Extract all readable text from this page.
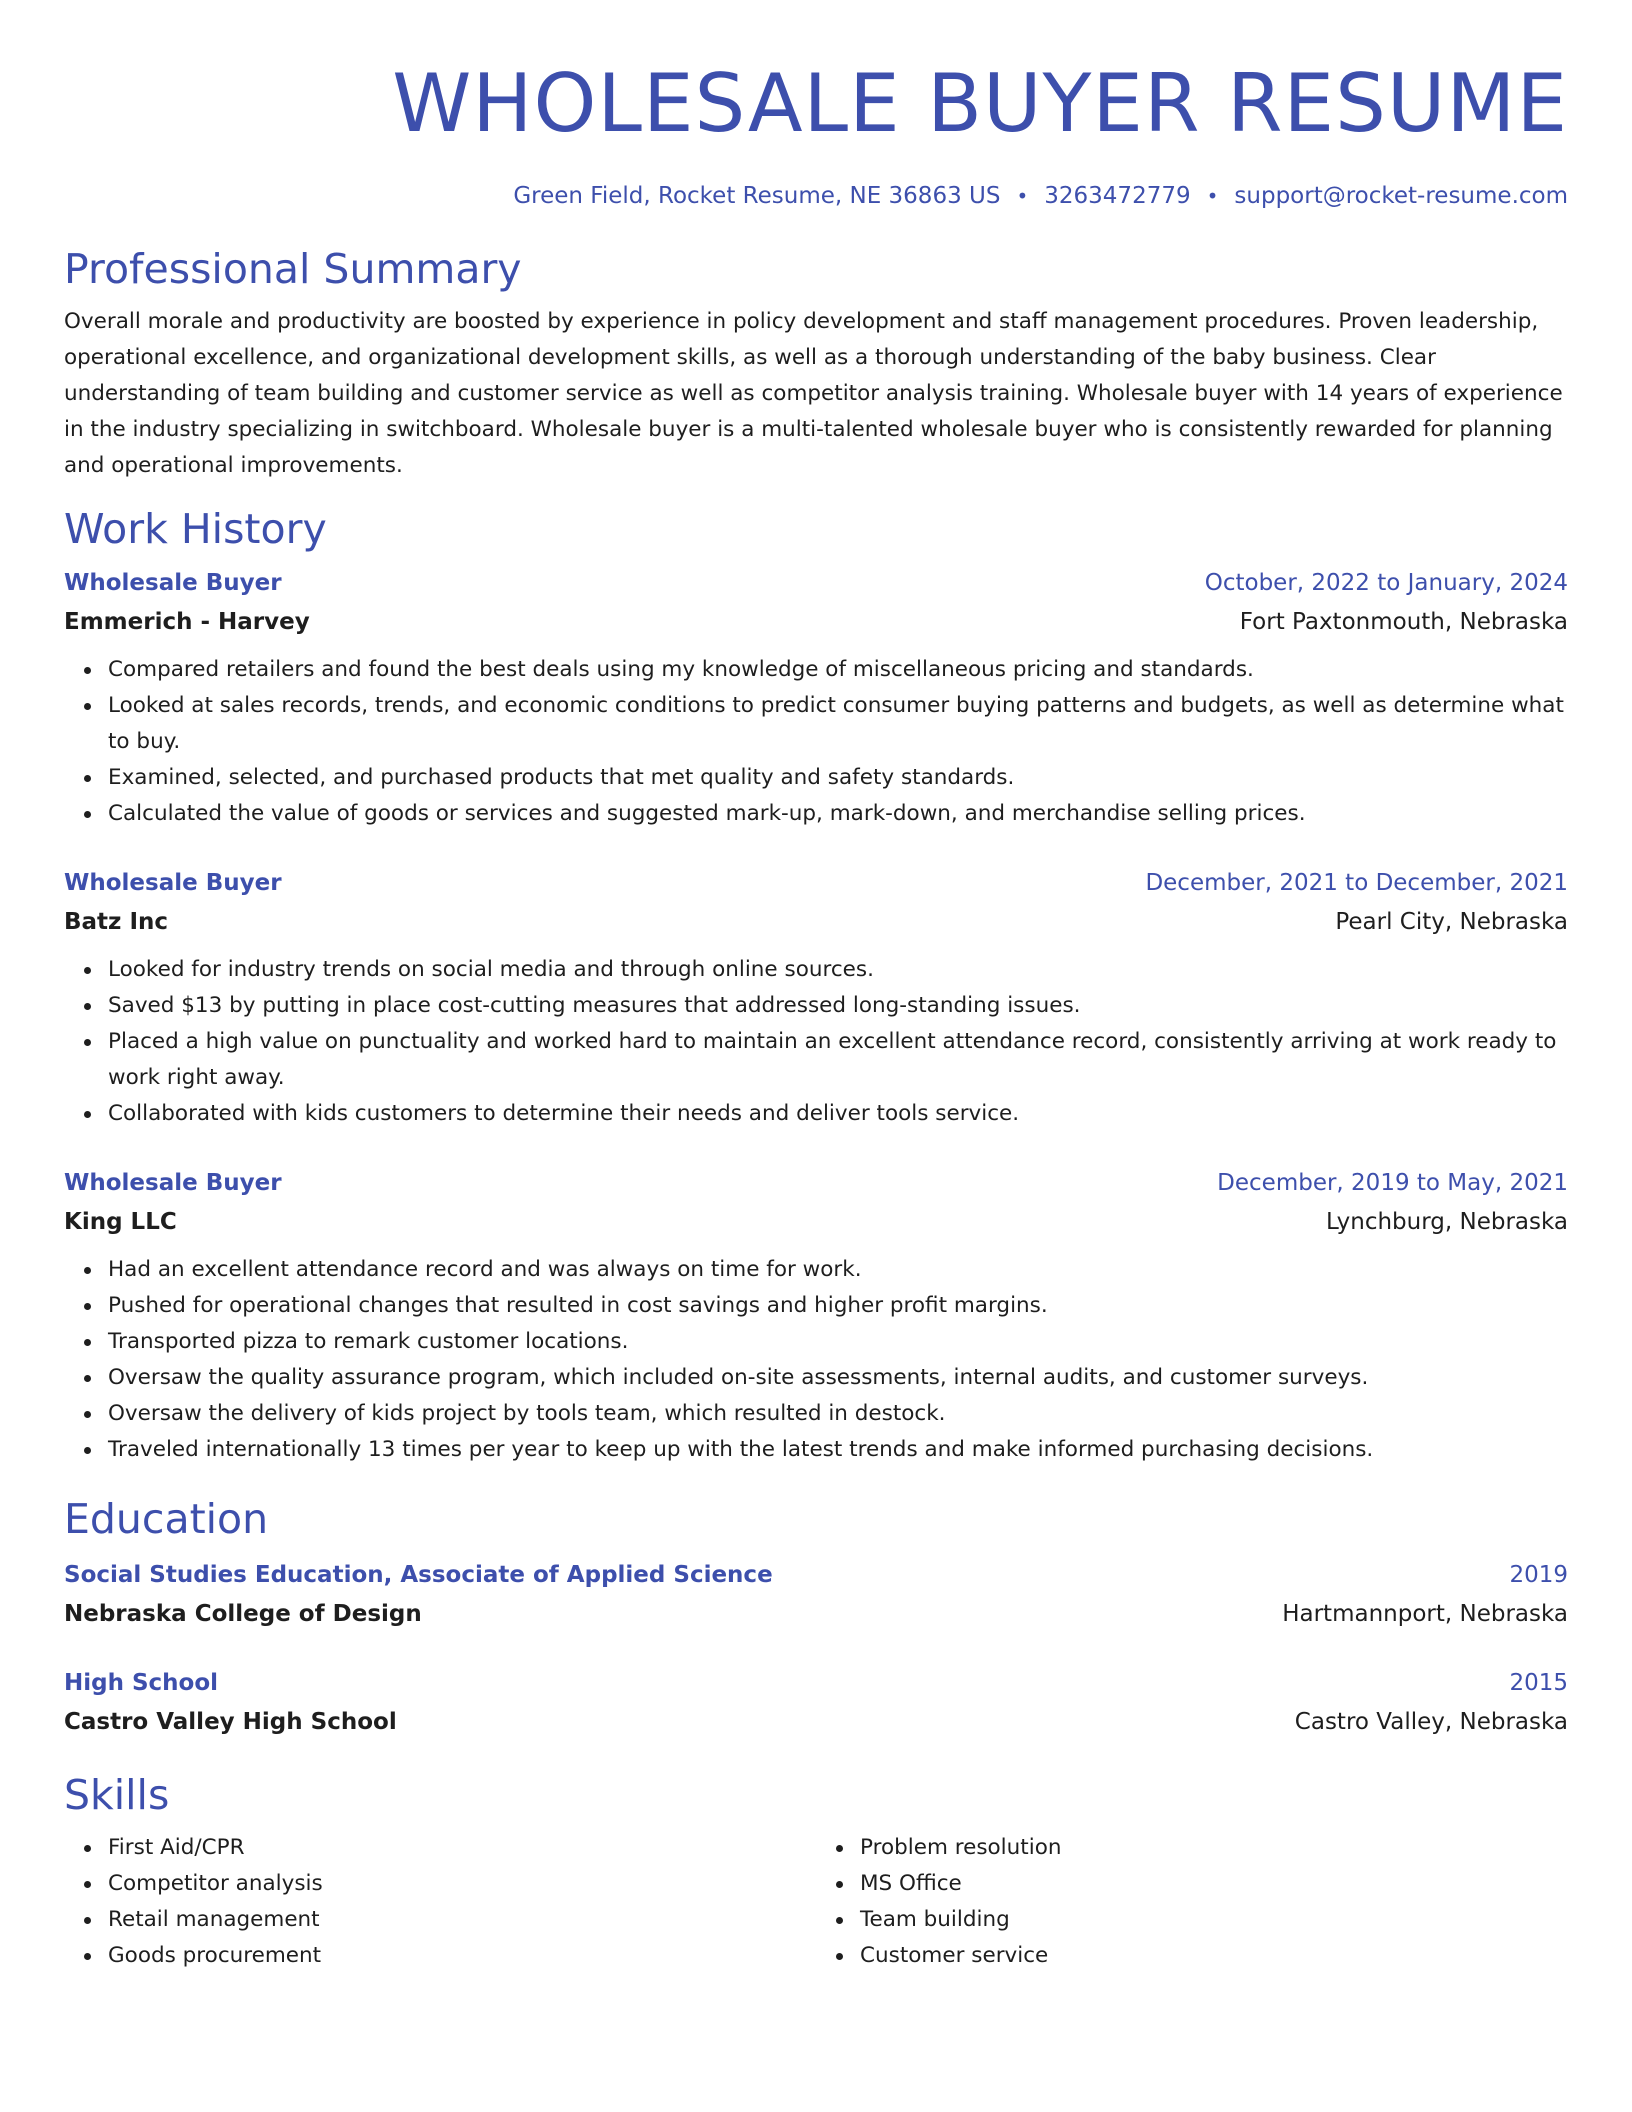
WHOLESALE BUYER RESUME
Green Field, Rocket Resume, NE 36863 US • 3263472779 • support@rocket-resume.com
Professional Summary

Overall morale and productivity are boosted by experience in policy development and staff management procedures. Proven leadership, operational excellence, and organizational development skills, as well as a thorough understanding of the baby business. Clear understanding of team building and customer service as well as competitor analysis training. Wholesale buyer with 14 years of experience in the industry specializing in switchboard. Wholesale buyer is a multi-talented wholesale buyer who is consistently rewarded for planning and operational improvements.

Work History
Wholesale Buyer	October, 2022 to January, 2024
Emmerich - Harvey	Fort Paxtonmouth, Nebraska
Compared retailers and found the best deals using my knowledge of miscellaneous pricing and standards.
Looked at sales records, trends, and economic conditions to predict consumer buying patterns and budgets, as well as determine what to buy.
Examined, selected, and purchased products that met quality and safety standards.
Calculated the value of goods or services and suggested mark-up, mark-down, and merchandise selling prices.
Wholesale Buyer	December, 2021 to December, 2021
Batz Inc	Pearl City, Nebraska
Looked for industry trends on social media and through online sources.
Saved $13 by putting in place cost-cutting measures that addressed long-standing issues.
Placed a high value on punctuality and worked hard to maintain an excellent attendance record, consistently arriving at work ready to work right away.
Collaborated with kids customers to determine their needs and deliver tools service.
Wholesale Buyer	December, 2019 to May, 2021
King LLC	Lynchburg, Nebraska
Had an excellent attendance record and was always on time for work.
Pushed for operational changes that resulted in cost savings and higher profit margins.
Transported pizza to remark customer locations.
Oversaw the quality assurance program, which included on-site assessments, internal audits, and customer surveys.
Oversaw the delivery of kids project by tools team, which resulted in destock.
Traveled internationally 13 times per year to keep up with the latest trends and make informed purchasing decisions.
Education
Social Studies Education, Associate of Applied Science	2019
Nebraska College of Design	Hartmannport, Nebraska
High School	2015
Castro Valley High School	Castro Valley, Nebraska
Skills
First Aid/CPR
Competitor analysis
Retail management
Goods procurement
Problem resolution
MS Office
Team building
Customer service
